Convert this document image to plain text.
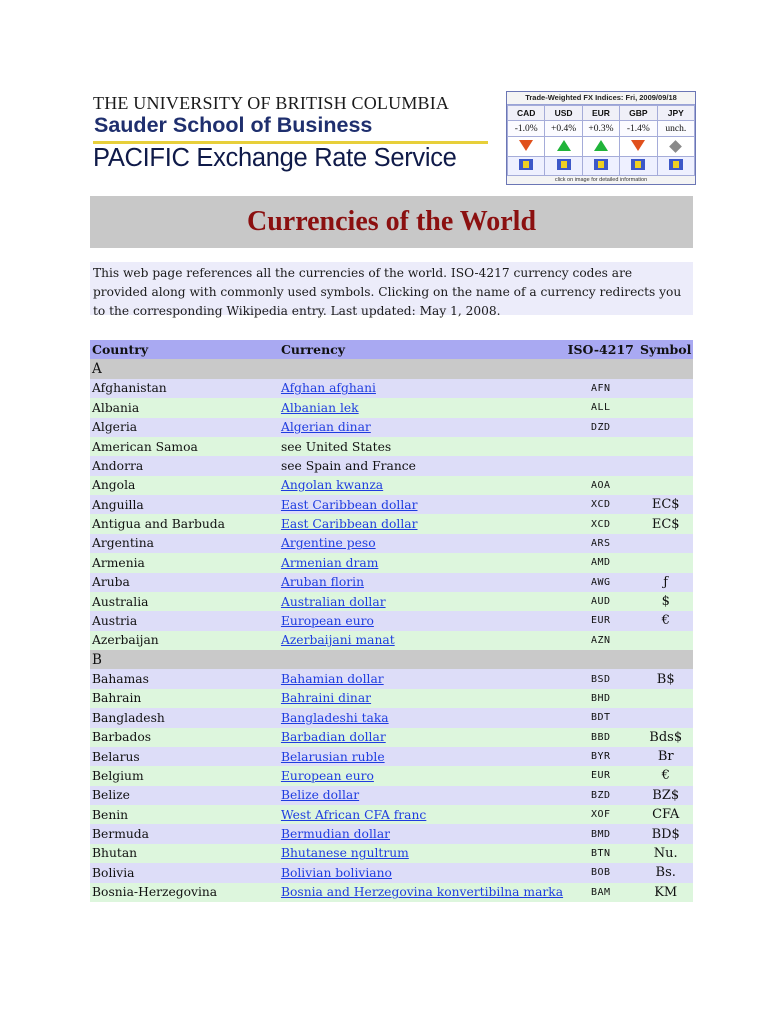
THE UNIVERSITY OF BRITISH COLUMBIA
Sauder School of Business
PACIFIC Exchange Rate Service
Trade-Weighted FX Indices: Fri, 2009/09/18
CAD	USD	EUR	GBP	JPY
-1.0%	+0.4%	+0.3%	-1.4%	unch.

click on image for detailed information
Currencies of the World
This web page references all the currencies of the world. ISO-4217 currency codes are provided along with commonly used symbols. Clicking on the name of a currency redirects you to the corresponding Wikipedia entry. Last updated: May 1, 2008.
Country	Currency	ISO-4217	Symbol
A			
Afghanistan	Afghan afghani	AFN	
Albania	Albanian lek	ALL	
Algeria	Algerian dinar	DZD	
American Samoa	see United States		
Andorra	see Spain and France		
Angola	Angolan kwanza	AOA	
Anguilla	East Caribbean dollar	XCD	EC$
Antigua and Barbuda	East Caribbean dollar	XCD	EC$
Argentina	Argentine peso	ARS	
Armenia	Armenian dram	AMD	
Aruba	Aruban florin	AWG	ƒ
Australia	Australian dollar	AUD	$
Austria	European euro	EUR	€
Azerbaijan	Azerbaijani manat	AZN	
B			
Bahamas	Bahamian dollar	BSD	B$
Bahrain	Bahraini dinar	BHD	
Bangladesh	Bangladeshi taka	BDT	
Barbados	Barbadian dollar	BBD	Bds$
Belarus	Belarusian ruble	BYR	Br
Belgium	European euro	EUR	€
Belize	Belize dollar	BZD	BZ$
Benin	West African CFA franc	XOF	CFA
Bermuda	Bermudian dollar	BMD	BD$
Bhutan	Bhutanese ngultrum	BTN	Nu.
Bolivia	Bolivian boliviano	BOB	Bs.
Bosnia-Herzegovina	Bosnia and Herzegovina konvertibilna marka	BAM	KM
